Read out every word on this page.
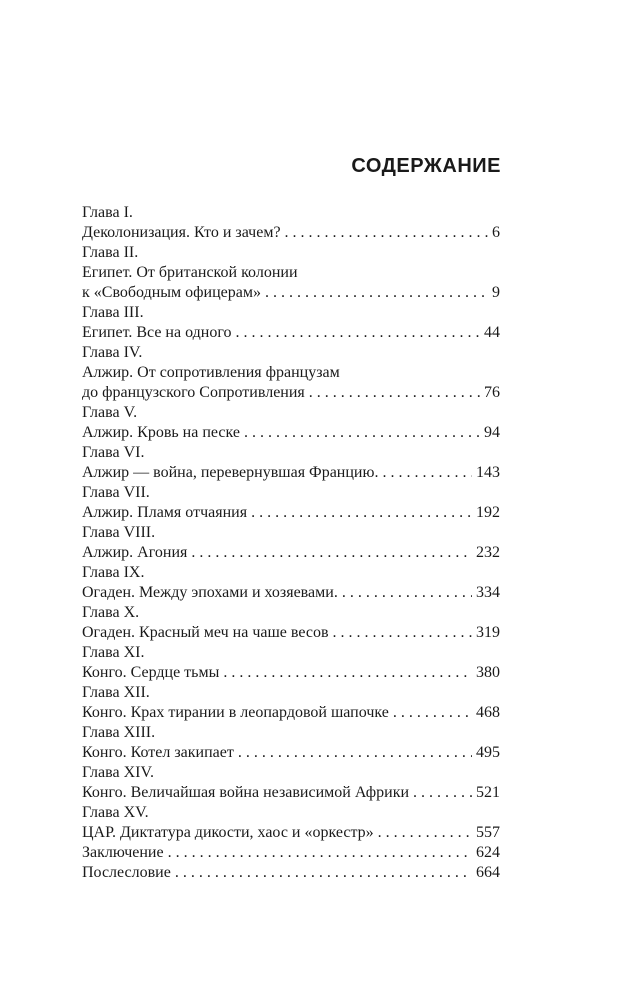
СОДЕРЖАНИЕ
Глава I.
Деколонизация. Кто и зачем? . . .	6
Глава II.
Египет. От британской колонии
к «Свободным офицерам» . . .	9
Глава III.
Египет. Все на одного . . .	44
Глава IV.
Алжир. От сопротивления французам
до французского Сопротивления . . .	76
Глава V.
Алжир. Кровь на песке . . .	94
Глава VI.
Алжир — война, перевернувшая Францию. . . .	143
Глава VII.
Алжир. Пламя отчаяния . . .	192
Глава VIII.
Алжир. Агония . . .	232
Глава IX.
Огаден. Между эпохами и хозяевами. . . .	334
Глава X.
Огаден. Красный меч на чаше весов . . .	319
Глава XI.
Конго. Сердце тьмы . . .	380
Глава XII.
Конго. Крах тирании в леопардовой шапочке . . .	468
Глава XIII.
Конго. Котел закипает . . .	495
Глава XIV.
Конго. Величайшая война независимой Африки . . .	521
Глава XV.
ЦАР. Диктатура дикости, хаос и «оркестр» . . .	557
Заключение . . .	624
Послесловие . . .	664
